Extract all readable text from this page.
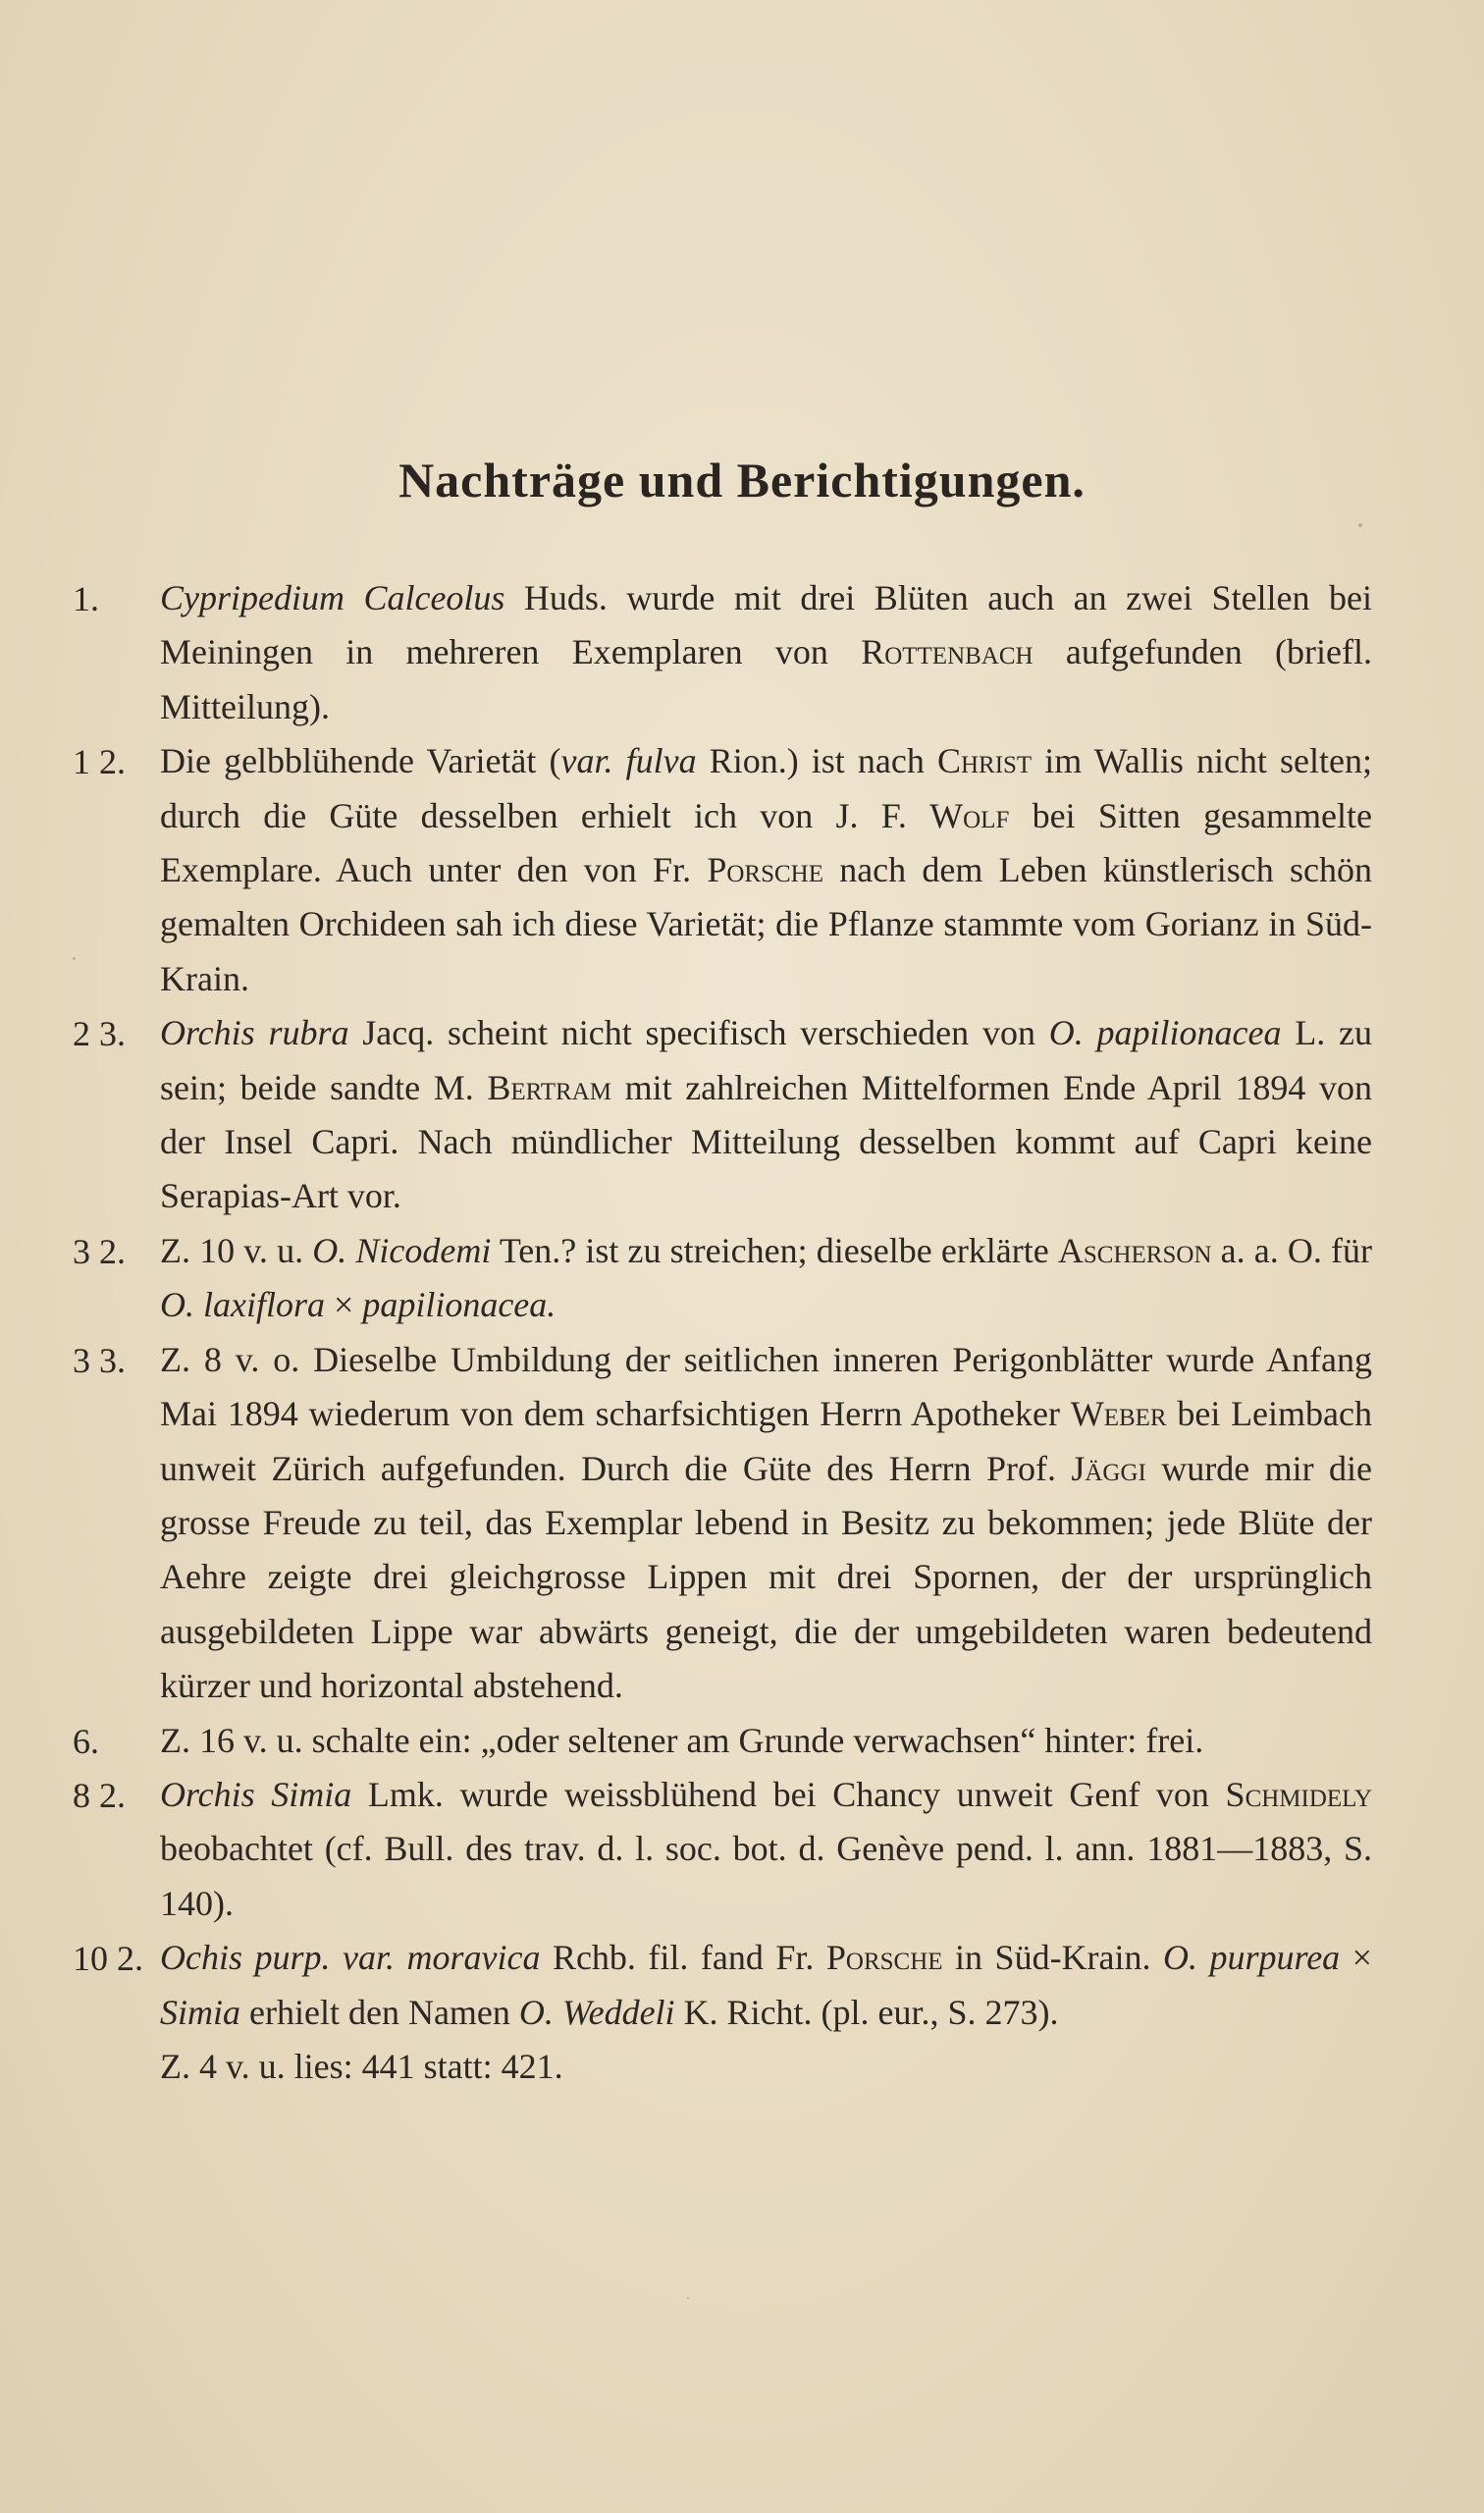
Nachträge und Berichtigungen.
1.	Cypripedium Calceolus Huds. wurde mit drei Blüten auch an zwei Stellen bei Meiningen in mehreren Exemplaren von Rottenbach aufgefunden (briefl. Mitteilung).
1 2. Die gelbblühende Varietät (var. fulva Rion.) ist nach Christ im Wallis nicht selten; durch die Güte desselben erhielt ich von J. F. Wolf bei Sitten gesammelte Exemplare. Auch unter den von Fr. Porsche nach dem Leben künstlerisch schön gemalten Orchideen sah ich diese Varietät; die Pflanze stammte vom Gorianz in Süd-Krain.
2 3. Orchis rubra Jacq. scheint nicht specifisch verschieden von O. papilionacea L. zu sein; beide sandte M. Bertram mit zahlreichen Mittelformen Ende April 1894 von der Insel Capri. Nach mündlicher Mitteilung desselben kommt auf Capri keine Serapias-Art vor.
3 2. Z. 10 v. u. O. Nicodemi Ten.? ist zu streichen; dieselbe erklärte Ascherson a. a. O. für O. laxiflora × papilionacea.
3 3. Z. 8 v. o. Dieselbe Umbildung der seitlichen inneren Perigonblätter wurde Anfang Mai 1894 wiederum von dem scharfsichtigen Herrn Apotheker Weber bei Leimbach unweit Zürich aufgefunden. Durch die Güte des Herrn Prof. Jäggi wurde mir die grosse Freude zu teil, das Exemplar lebend in Besitz zu bekommen; jede Blüte der Aehre zeigte drei gleichgrosse Lippen mit drei Spornen, der der ursprünglich ausgebildeten Lippe war abwärts geneigt, die der umgebildeten waren bedeutend kürzer und horizontal abstehend.
6.	Z. 16 v. u. schalte ein: „oder seltener am Grunde verwachsen“ hinter: frei.
8 2. Orchis Simia Lmk. wurde weissblühend bei Chancy unweit Genf von Schmidely beobachtet (cf. Bull. des trav. d. l. soc. bot. d. Genève pend. l. ann. 1881—1883, S. 140).
10 2. Ochis purp. var. moravica Rchb. fil. fand Fr. Porsche in Süd-Krain. O. purpurea × Simia erhielt den Namen O. Weddeli K. Richt. (pl. eur., S. 273).
Z. 4 v. u. lies: 441 statt: 421.
